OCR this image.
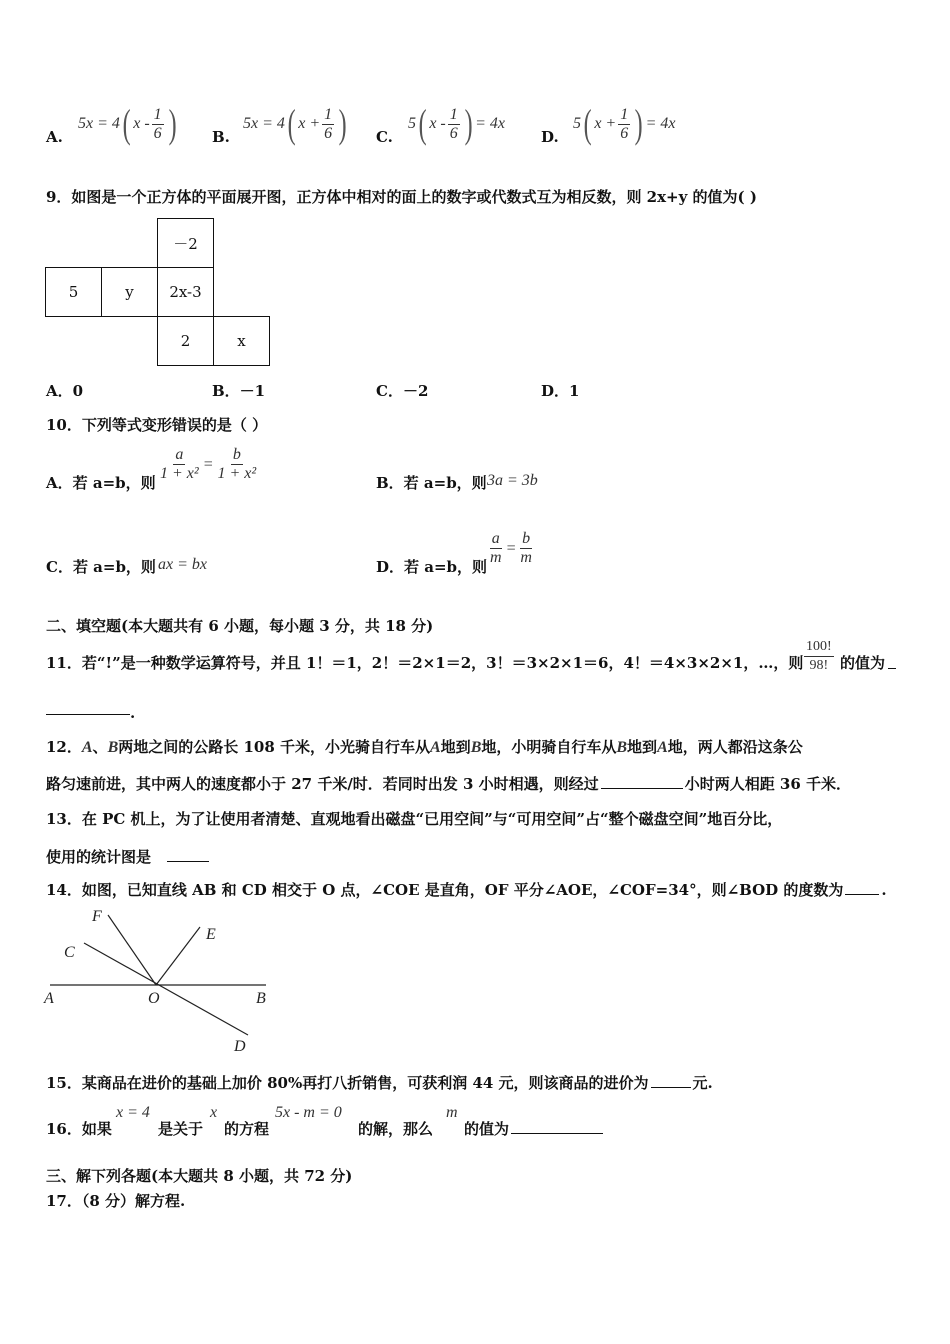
A.
5x = 4 ( x - $\frac{1}{6}$ ) B.
5x = 4 ( $x + \frac{1}{6}$ ) C.
5 ( x - $\frac{1}{6}$ ) = 4x
D.
5 ( $x + \frac{1}{6}$ ) = 4x
9．如图是一个正方体的平面展开图，正方体中相对的面上的数字或代数式互为相反数，则 2x+y 的值为( )
		－2	
5	y	2x-3	
		2	x
A．0	B．－1	C．－2	D．1
10．下列等式变形错误的是（ ）
A．若 a=b，则 $\frac{a}{\text{1 + x²}} = \frac{b}{\text{1 + x²}}$	B．若 a=b，则 3a = 3b
C．若 a=b，则 ax = bx	D．若 a=b，则 $\frac{a}{m} = \frac{b}{m}$
二、填空题(本大题共有 6 小题，每小题 3 分，共 18 分)
11．若“!”是一种数学运算符号，并且 1！＝1，2！＝2×1＝2，3！＝3×2×1＝6，4！＝4×3×2×1，…，则 $\frac{100!}{98!}$ 的值为
.
12． A 、 B 两地之间的公路长 108 千米，小光骑自行车从 A 地到 B 地，小明骑自行车从 B 地到 A 地，两人都沿这条公
路匀速前进，其中两人的速度都小于 27 千米/时．若同时出发 3 小时相遇，则经过	小时两人相距 36 千米．
13．在 PC 机上，为了让使用者清楚、直观地看出磁盘“已用空间”与“可用空间”占“整个磁盘空间”地百分比，
使用的统计图是
14．如图，已知直线 AB 和 CD 相交于 O 点，∠COE 是直角，OF 平分∠AOE，∠COF=34°，则∠BOD 的度数为	.
F
E
C
A	O	B
D
15．某商品在进价的基础上加价 80%再打八折销售，可获利润 44 元，则该商品的进价为	元.
16．如果
x = 4
是关于
x
的方程
5x - m = 0
的解，那么
m
的值为
三、解下列各题(本大题共 8 小题，共 72 分)
17．（8 分）解方程.
